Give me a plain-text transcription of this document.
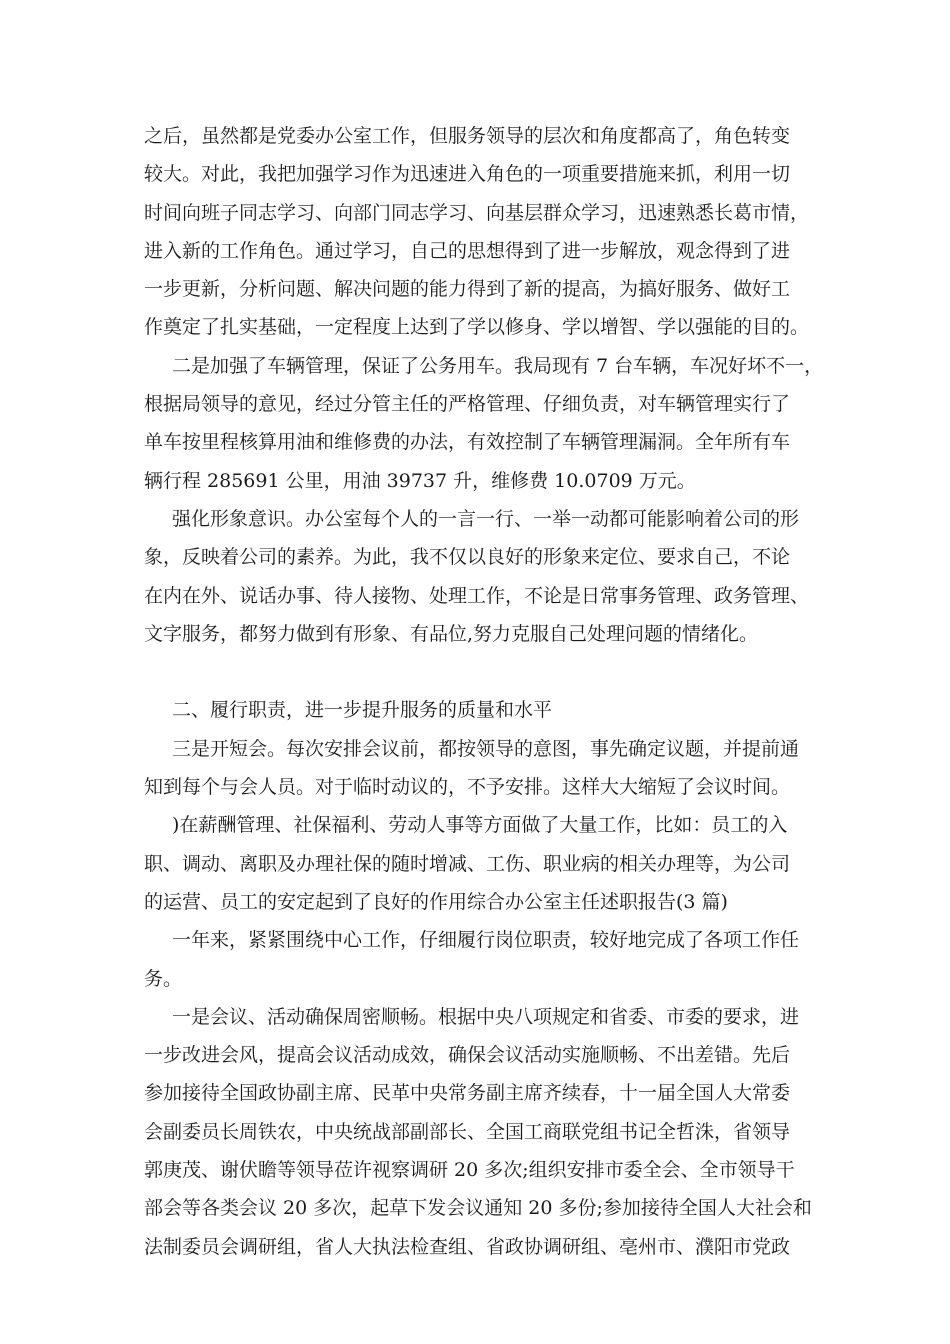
之后，虽然都是党委办公室工作，但服务领导的层次和角度都高了，角色转变
较大。对此，我把加强学习作为迅速进入角色的一项重要措施来抓，利用一切
时间向班子同志学习、向部门同志学习、向基层群众学习，迅速熟悉长葛市情，
进入新的工作角色。通过学习，自己的思想得到了进一步解放，观念得到了进
一步更新，分析问题、解决问题的能力得到了新的提高，为搞好服务、做好工
作奠定了扎实基础，一定程度上达到了学以修身、学以增智、学以强能的目的。
二是加强了车辆管理，保证了公务用车。我局现有 7 台车辆，车况好坏不一，
根据局领导的意见，经过分管主任的严格管理、仔细负责，对车辆管理实行了
单车按里程核算用油和维修费的办法，有效控制了车辆管理漏洞。全年所有车
辆行程 285691 公里，用油 39737 升，维修费 10.0709 万元。
强化形象意识。办公室每个人的一言一行、一举一动都可能影响着公司的形
象，反映着公司的素养。为此，我不仅以良好的形象来定位、要求自己，不论
在内在外、说话办事、待人接物、处理工作，不论是日常事务管理、政务管理、
文字服务，都努力做到有形象、有品位,努力克服自己处理问题的情绪化。
二、履行职责，进一步提升服务的质量和水平
三是开短会。每次安排会议前，都按领导的意图，事先确定议题，并提前通
知到每个与会人员。对于临时动议的，不予安排。这样大大缩短了会议时间。
)在薪酬管理、社保福利、劳动人事等方面做了大量工作，比如：员工的入
职、调动、离职及办理社保的随时增减、工伤、职业病的相关办理等，为公司
的运营、员工的安定起到了良好的作用综合办公室主任述职报告(3 篇)
一年来，紧紧围绕中心工作，仔细履行岗位职责，较好地完成了各项工作任
务。
一是会议、活动确保周密顺畅。根据中央八项规定和省委、市委的要求，进
一步改进会风，提高会议活动成效，确保会议活动实施顺畅、不出差错。先后
参加接待全国政协副主席、民革中央常务副主席齐续春，十一届全国人大常委
会副委员长周铁农，中央统战部副部长、全国工商联党组书记全哲洙，省领导
郭庚茂、谢伏瞻等领导莅许视察调研 20 多次;组织安排市委全会、全市领导干
部会等各类会议 20 多次，起草下发会议通知 20 多份;参加接待全国人大社会和
法制委员会调研组，省人大执法检查组、省政协调研组、亳州市、濮阳市党政
